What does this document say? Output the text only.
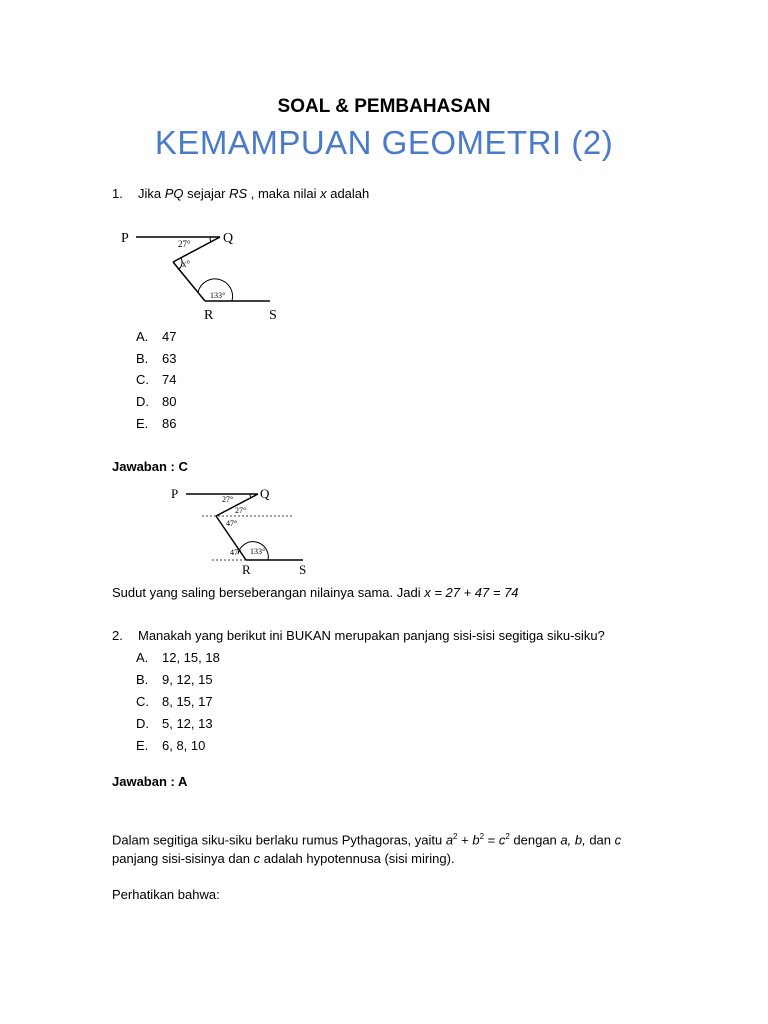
SOAL & PEMBAHASAN
KEMAMPUAN GEOMETRI (2)
1. Jika PQ sejajar RS , maka nilai x adalah
P	Q
R	S
27°
x°
133°
A. 47
B. 63
C. 74
D. 80
E. 86
Jawaban : C
P	Q
R	S
27°
27°
47°
47° 133°
Sudut yang saling berseberangan nilainya sama. Jadi x = 27 + 47 = 74
2. Manakah yang berikut ini BUKAN merupakan panjang sisi-sisi segitiga siku-siku?
A. 12, 15, 18
B. 9, 12, 15
C. 8, 15, 17
D. 5, 12, 13
E. 6, 8, 10
Jawaban : A
Dalam segitiga siku-siku berlaku rumus Pythagoras, yaitu $a^2 + b^2 = c^2$ dengan a, b, dan c
panjang sisi-sisinya dan c adalah hypotennusa (sisi miring).
Perhatikan bahwa:
